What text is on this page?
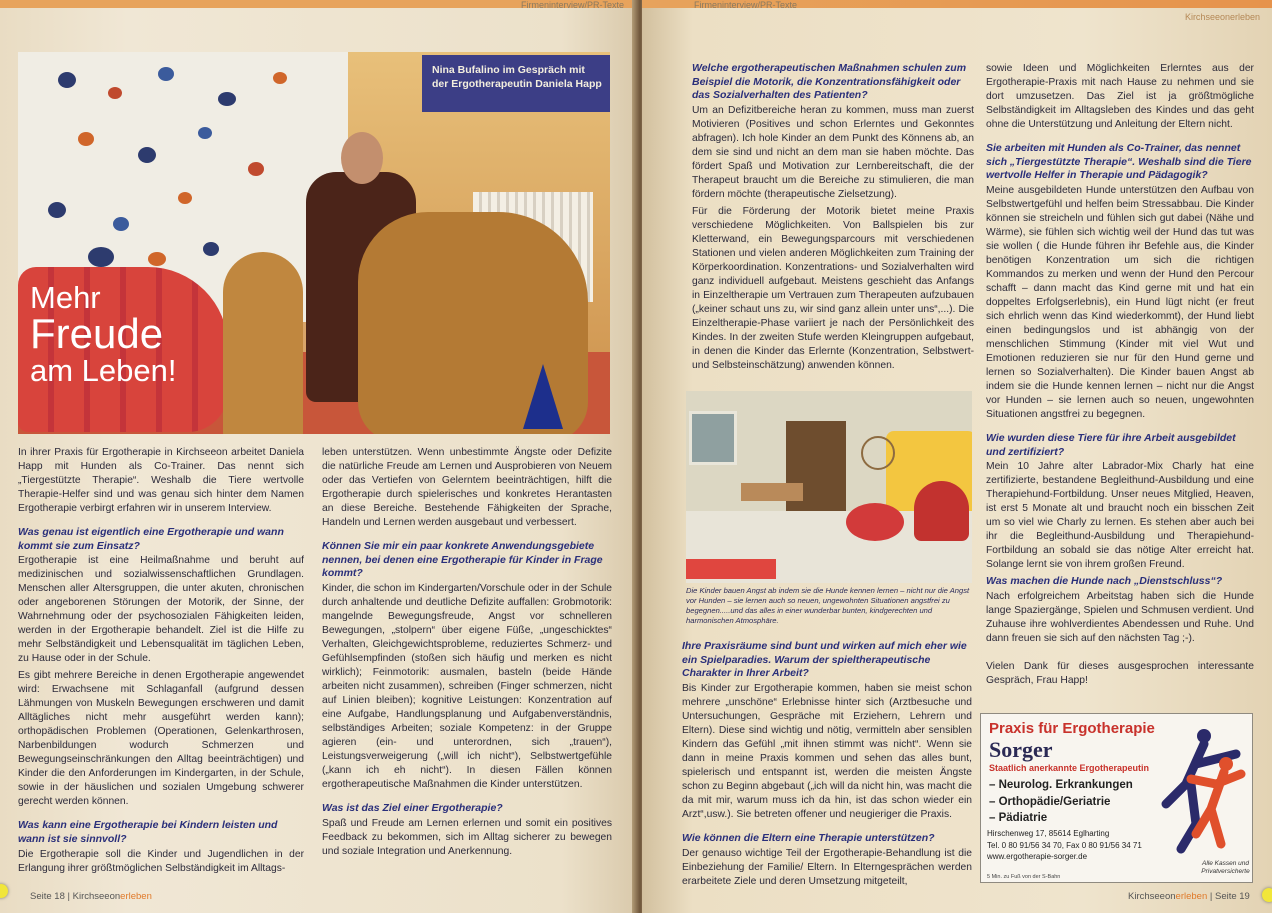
Firmeninterview/PR-Texte
Nina Bufalino im Gespräch mit der Ergotherapeutin Daniela Happ
Mehr
Freude
am Leben!

In ihrer Praxis für Ergotherapie in Kirchseeon arbeitet Daniela Happ mit Hunden als Co-Trainer. Das nennt sich „Tiergestützte Therapie“. Weshalb die Tiere wertvolle Therapie-Helfer sind und was genau sich hinter dem Namen Ergotherapie verbirgt erfahren wir in unserem Interview.

Was genau ist eigentlich eine Ergotherapie und wann kommt sie zum Einsatz?

Ergotherapie ist eine Heilmaßnahme und beruht auf medizinischen und sozialwissenschaftlichen Grundlagen. Menschen aller Altersgruppen, die unter akuten, chronischen oder angeborenen Störungen der Motorik, der Sinne, der Wahrnehmung oder der psychosozialen Fähigkeiten leiden, werden in der Ergotherapie behandelt. Ziel ist die Hilfe zu mehr Selbständigkeit und Lebensqualität im täglichen Leben, zu Hause oder in der Schule.

Es gibt mehrere Bereiche in denen Ergotherapie angewendet wird: Erwachsene mit Schlaganfall (aufgrund dessen Lähmungen von Muskeln Bewegungen erschweren und damit Alltägliches nicht mehr ausgeführt werden kann); orthopädischen Problemen (Operationen, Gelenkarthrosen, Narbenbildungen wodurch Schmerzen und Bewegungseinschränkungen den Alltag beeinträchtigen) und Kinder die den Anforderungen im Kindergarten, in der Schule, sowie in der häuslichen und sozialen Umgebung schwerer gerecht werden können.

Was kann eine Ergotherapie bei Kindern leisten und wann ist sie sinnvoll?

Die Ergotherapie soll die Kinder und Jugendlichen in der Erlangung ihrer größtmöglichen Selbständigkeit im Alltags-

leben unterstützen. Wenn unbestimmte Ängste oder Defizite die natürliche Freude am Lernen und Ausprobieren von Neuem oder das Vertiefen von Gelerntem beeinträchtigen, hilft die Ergotherapie durch spielerisches und konkretes Herantasten an diese Bereiche. Bestehende Fähigkeiten der Sprache, Handeln und Lernen werden ausgebaut und verbessert.

Können Sie mir ein paar konkrete Anwendungsgebiete nennen, bei denen eine Ergotherapie für Kinder in Frage kommt?

Kinder, die schon im Kindergarten/Vorschule oder in der Schule durch anhaltende und deutliche Defizite auffallen: Grobmotorik: mangelnde Bewegungsfreude, Angst vor schnelleren Bewegungen, „stolpern“ über eigene Füße, „ungeschicktes“ Verhalten, Gleichgewichtsprobleme, reduziertes Schmerz- und Gefühlsempfinden (stoßen sich häufig und merken es nicht wirklich); Feinmotorik: ausmalen, basteln (beide Hände arbeiten nicht zusammen), schreiben (Finger schmerzen, nicht auf Linien bleiben); kognitive Leistungen: Konzentration auf eine Aufgabe, Handlungsplanung und Aufgabenverständnis, selbständiges Arbeiten; soziale Kompetenz: in der Gruppe agieren (ein- und unterordnen, sich „trauen“), Leistungsverweigerung („will ich nicht“), Selbstwertgefühle („kann ich eh nicht“). In diesen Fällen können ergotherapeutische Maßnahmen die Kinder unterstützen.

Was ist das Ziel einer Ergotherapie?

Spaß und Freude am Lernen erlernen und somit ein positives Feedback zu bekommen, sich im Alltag sicherer zu bewegen und soziale Integration und Anerkennung.

Seite 18 | Kirchseeonerleben
Firmeninterview/PR-Texte
Kirchseeonerleben
Welche ergotherapeutischen Maßnahmen schulen zum Beispiel die Motorik, die Konzentrationsfähigkeit oder das Sozialverhalten des Patienten?

Um an Defizitbereiche heran zu kommen, muss man zuerst Motivieren (Positives und schon Erlerntes und Gekonntes abfragen). Ich hole Kinder an dem Punkt des Könnens ab, an dem sie sind und nicht an dem man sie haben möchte. Das fördert Spaß und Motivation zur Lernbereitschaft, die der Therapeut braucht um die Bereiche zu stimulieren, die man fördern möchte (therapeutische Zielsetzung).

Für die Förderung der Motorik bietet meine Praxis verschiedene Möglichkeiten. Von Ballspielen bis zur Kletterwand, ein Bewegungsparcours mit verschiedenen Stationen und vielen anderen Möglichkeiten zum Training der Körperkoordination. Konzentrations- und Sozialverhalten wird ganz individuell aufgebaut. Meistens geschieht das Anfangs in Einzeltherapie um Vertrauen zum Therapeuten aufzubauen („keiner schaut uns zu, wir sind ganz allein unter uns“,...). Die Einzeltherapie-Phase variiert je nach der Persönlichkeit des Kindes. In der zweiten Stufe werden Kleingruppen aufgebaut, in denen die Kinder das Erlernte (Konzentration, Selbstwert- und Selbsteinschätzung) anwenden können.

Die Kinder bauen Angst ab indem sie die Hunde kennen lernen – nicht nur die Angst vor Hunden – sie lernen auch so neuen, ungewohnten Situationen angstfrei zu begegnen.....und das alles in einer wunderbar bunten, kindgerechten und harmonischen Atmosphäre.
Ihre Praxisräume sind bunt und wirken auf mich eher wie ein Spielparadies. Warum der spieltherapeutische Charakter in Ihrer Arbeit?

Bis Kinder zur Ergotherapie kommen, haben sie meist schon mehrere „unschöne“ Erlebnisse hinter sich (Arztbesuche und Untersuchungen, Gespräche mit Erziehern, Lehrern und Eltern). Diese sind wichtig und nötig, vermitteln aber sensiblen Kindern das Gefühl „mit ihnen stimmt was nicht“. Wenn sie dann in meine Praxis kommen und sehen das alles bunt, spielerisch und entspannt ist, werden die meisten Ängste schon zu Beginn abgebaut („ich will da nicht hin, was macht die da mit mir, warum muss ich da hin, ist das schon wieder ein Arzt“,usw.). Sie betreten offener und neugieriger die Praxis.

Wie können die Eltern eine Therapie unterstützen?

Der genauso wichtige Teil der Ergotherapie-Behandlung ist die Einbeziehung der Familie/ Eltern. In Elterngesprächen werden erarbeitete Ziele und deren Umsetzung mitgeteilt,

sowie Ideen und Möglichkeiten Erlerntes aus der Ergotherapie-Praxis mit nach Hause zu nehmen und sie dort umzusetzen. Das Ziel ist ja größtmögliche Selbständigkeit im Alltagsleben des Kindes und das geht ohne die Unterstützung und Anleitung der Eltern nicht.

Sie arbeiten mit Hunden als Co-Trainer, das nennet sich „Tiergestützte Therapie“. Weshalb sind die Tiere wertvolle Helfer in Therapie und Pädagogik?

Meine ausgebildeten Hunde unterstützen den Aufbau von Selbstwertgefühl und helfen beim Stressabbau. Die Kinder können sie streicheln und fühlen sich gut dabei (Nähe und Wärme), sie fühlen sich wichtig weil der Hund das tut was sie wollen ( die Hunde führen ihr Befehle aus, die Kinder benötigen Konzentration um sich die richtigen Kommandos zu merken und wenn der Hund den Percour schafft – dann macht das Kind gerne mit und hat ein doppeltes Erfolgserlebnis), ein Hund lügt nicht (er freut sich ehrlich wenn das Kind wiederkommt), der Hund liebt einen bedingungslos und ist abhängig von der menschlichen Stimmung (Kinder mit viel Wut und Emotionen reduzieren sie nur für den Hund gerne und lernen so Sozialverhalten). Die Kinder bauen Angst ab indem sie die Hunde kennen lernen – nicht nur die Angst vor Hunden – sie lernen auch so neuen, ungewohnten Situationen angstfrei zu begegnen.

Wie wurden diese Tiere für ihre Arbeit ausgebildet und zertifiziert?

Mein 10 Jahre alter Labrador-Mix Charly hat eine zertifizierte, bestandene Begleithund-Ausbildung und eine Therapiehund-Fortbildung. Unser neues Mitglied, Heaven, ist erst 5 Monate alt und braucht noch ein bisschen Zeit um so viel wie Charly zu lernen. Es stehen aber auch bei ihr die Begleithund-Ausbildung und Therapiehund-Fortbildung an sobald sie das nötige Alter erreicht hat. Solange lernt sie von ihrem großen Freund.

Was machen die Hunde nach „Dienstschluss“?

Nach erfolgreichem Arbeitstag haben sich die Hunde lange Spaziergänge, Spielen und Schmusen verdient. Und Zuhause ihre wohlverdientes Abendessen und Ruhe. Und dann freuen sie sich auf den nächsten Tag ;-).

Vielen Dank für dieses ausgesprochen interessante Gespräch, Frau Happ!

Praxis für Ergotherapie
Sorger
Staatlich anerkannte Ergotherapeutin
– Neurolog. Erkrankungen
– Orthopädie/Geriatrie
– Pädiatrie
Hirschenweg 17, 85614 Eglharting
Tel. 0 80 91/56 34 70, Fax 0 80 91/56 34 71
www.ergotherapie-sorger.de
5 Min. zu Fuß von der S-Bahn
Alle Kassen und Privatversicherte
Kirchseeonerleben | Seite 19
